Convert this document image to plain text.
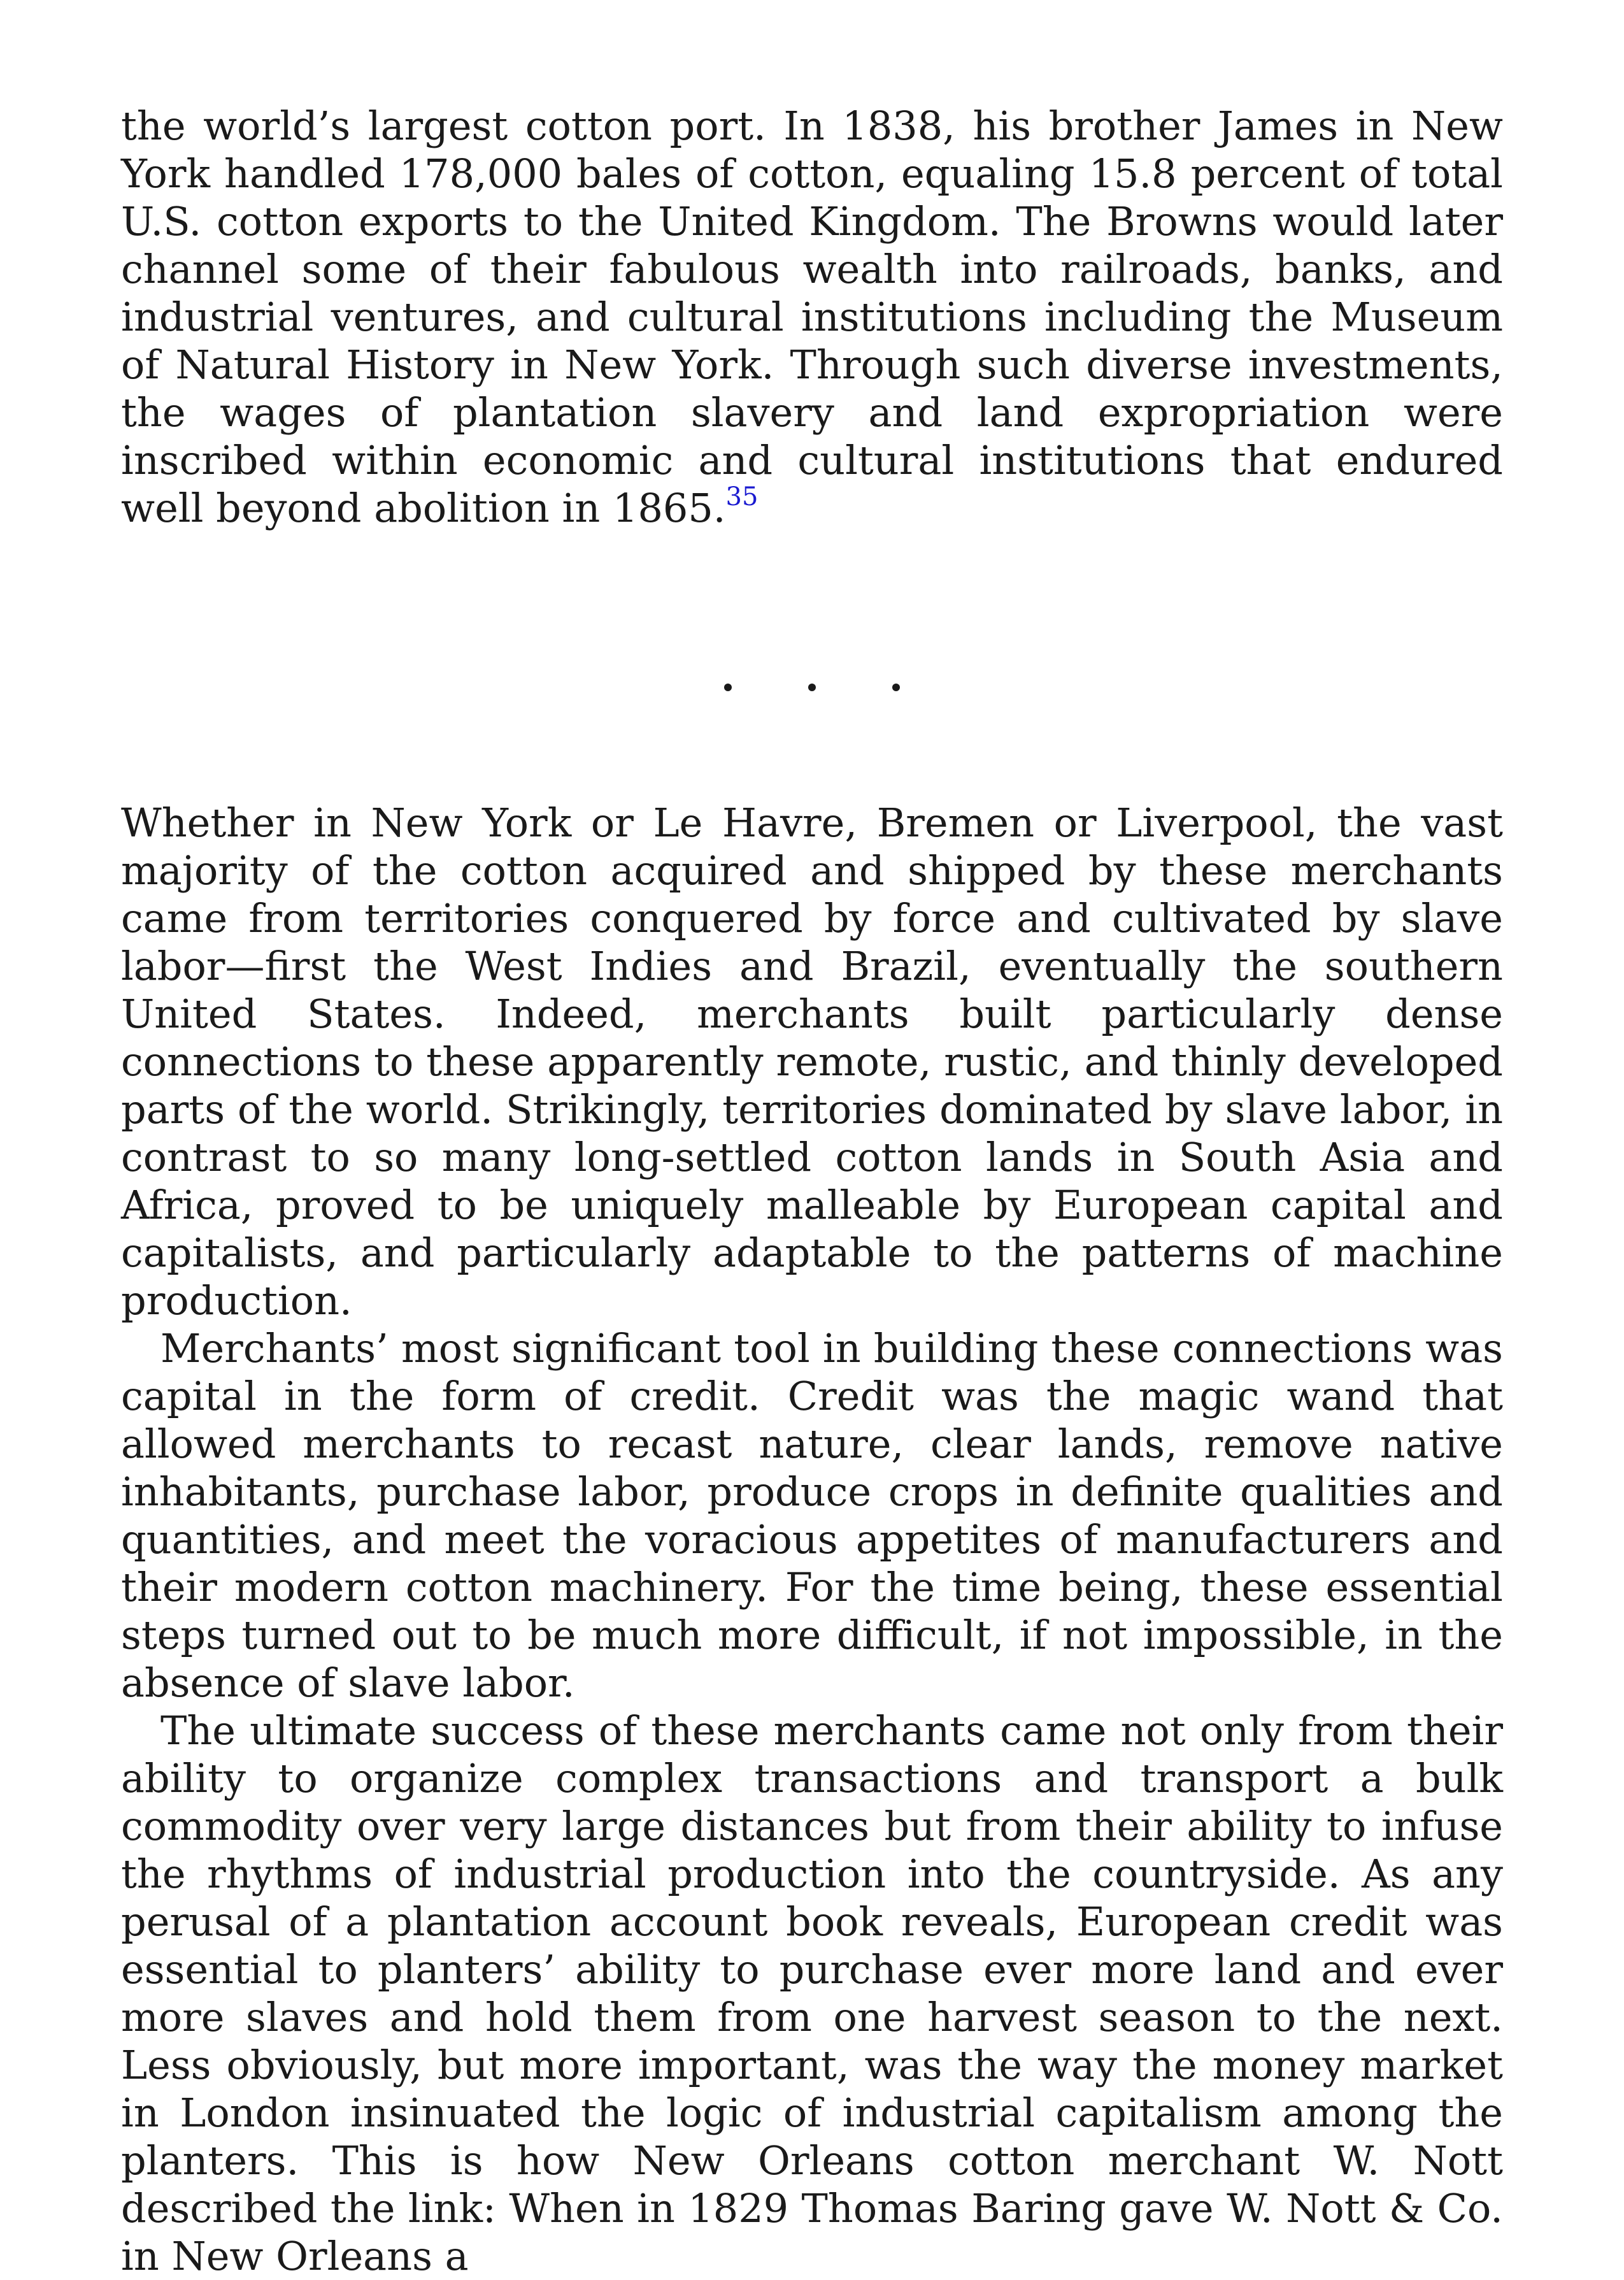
the world’s largest cotton port. In 1838, his brother James in New York handled 178,000 bales of cotton, equaling 15.8 percent of total U.S. cotton exports to the United Kingdom. The Browns would later channel some of their fabulous wealth into railroads, banks, and industrial ventures, and cultural institutions including the Museum of Natural History in New York. Through such diverse investments, the wages of plantation slavery and land expropriation were inscribed within economic and cultural institutions that endured well beyond abolition in 1865.35

Whether in New York or Le Havre, Bremen or Liverpool, the vast majority of the cotton acquired and shipped by these merchants came from territories conquered by force and cultivated by slave labor—first the West Indies and Brazil, eventually the southern United States. Indeed, merchants built particularly dense connections to these apparently remote, rustic, and thinly developed parts of the world. Strikingly, territories dominated by slave labor, in contrast to so many long-settled cotton lands in South Asia and Africa, proved to be uniquely malleable by European capital and capitalists, and particularly adaptable to the patterns of machine production.

Merchants’ most significant tool in building these connections was capital in the form of credit. Credit was the magic wand that allowed merchants to recast nature, clear lands, remove native inhabitants, purchase labor, produce crops in definite qualities and quantities, and meet the voracious appetites of manufacturers and their modern cotton machinery. For the time being, these essential steps turned out to be much more difficult, if not impossible, in the absence of slave labor.

The ultimate success of these merchants came not only from their ability to organize complex transactions and transport a bulk commodity over very large distances but from their ability to infuse the rhythms of industrial production into the countryside. As any perusal of a plantation account book reveals, European credit was essential to planters’ ability to purchase ever more land and ever more slaves and hold them from one harvest season to the next. Less obviously, but more important, was the way the money market in London insinuated the logic of industrial capitalism among the planters. This is how New Orleans cotton merchant W. Nott described the link: When in 1829 Thomas Baring gave W. Nott & Co. in New Orleans a
